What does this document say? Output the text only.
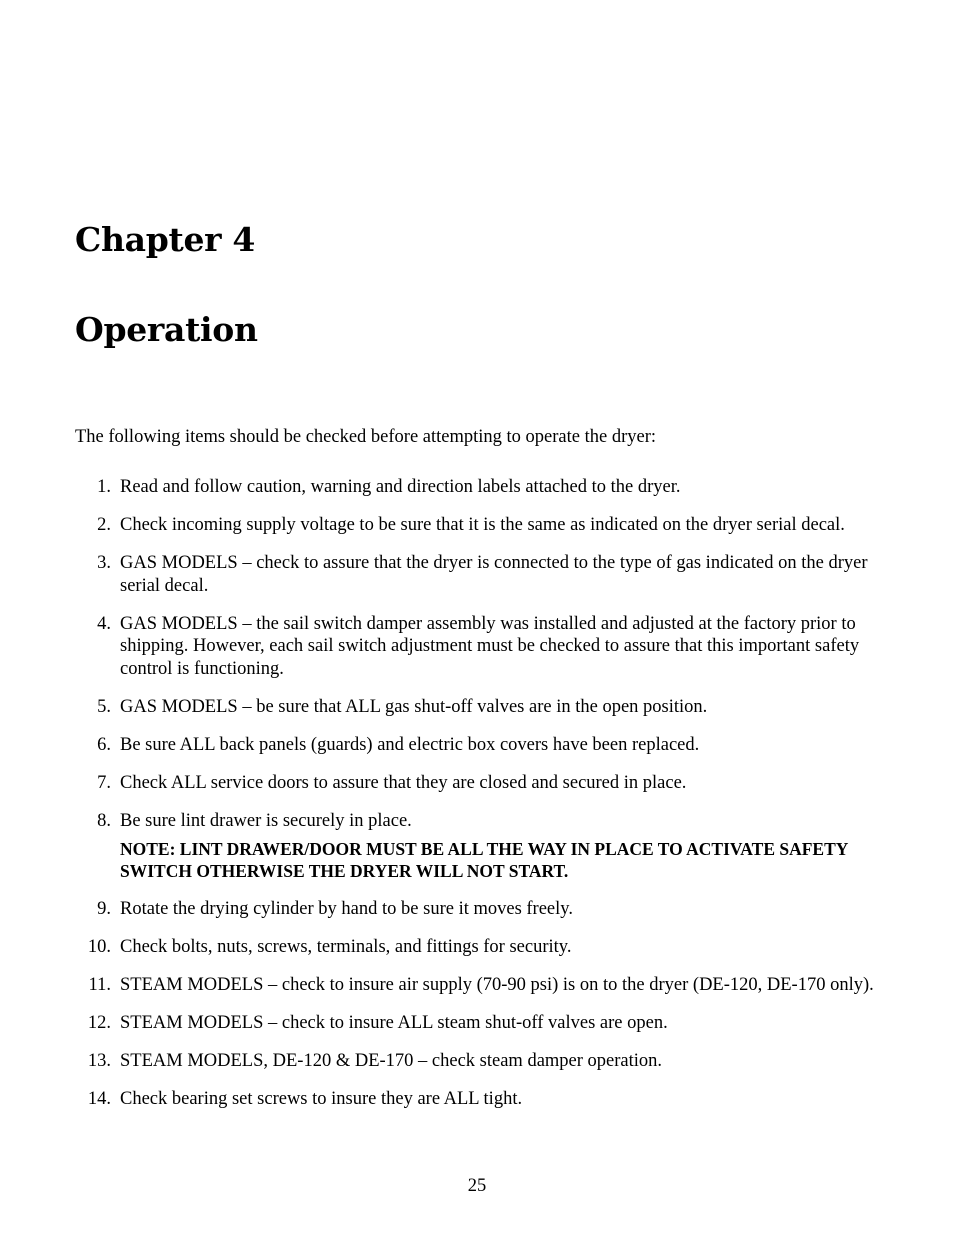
Chapter 4
Operation

The following items should be checked before attempting to operate the dryer:

1. Read and follow caution, warning and direction labels attached to the dryer.
2. Check incoming supply voltage to be sure that it is the same as indicated on the dryer serial decal.
3. GAS MODELS – check to assure that the dryer is connected to the type of gas indicated on the dryer serial decal.
4. GAS MODELS – the sail switch damper assembly was installed and adjusted at the factory prior to shipping. However, each sail switch adjustment must be checked to assure that this important safety control is functioning.
5. GAS MODELS – be sure that ALL gas shut-off valves are in the open position.
6. Be sure ALL back panels (guards) and electric box covers have been replaced.
7. Check ALL service doors to assure that they are closed and secured in place.
8. Be sure lint drawer is securely in place.
NOTE: LINT DRAWER/DOOR MUST BE ALL THE WAY IN PLACE TO ACTIVATE SAFETY SWITCH OTHERWISE THE DRYER WILL NOT START.
9. Rotate the drying cylinder by hand to be sure it moves freely.
10. Check bolts, nuts, screws, terminals, and fittings for security.
11. STEAM MODELS – check to insure air supply (70-90 psi) is on to the dryer (DE-120, DE-170 only).
12. STEAM MODELS – check to insure ALL steam shut-off valves are open.
13. STEAM MODELS, DE-120 & DE-170 – check steam damper operation.
14. Check bearing set screws to insure they are ALL tight.
25
